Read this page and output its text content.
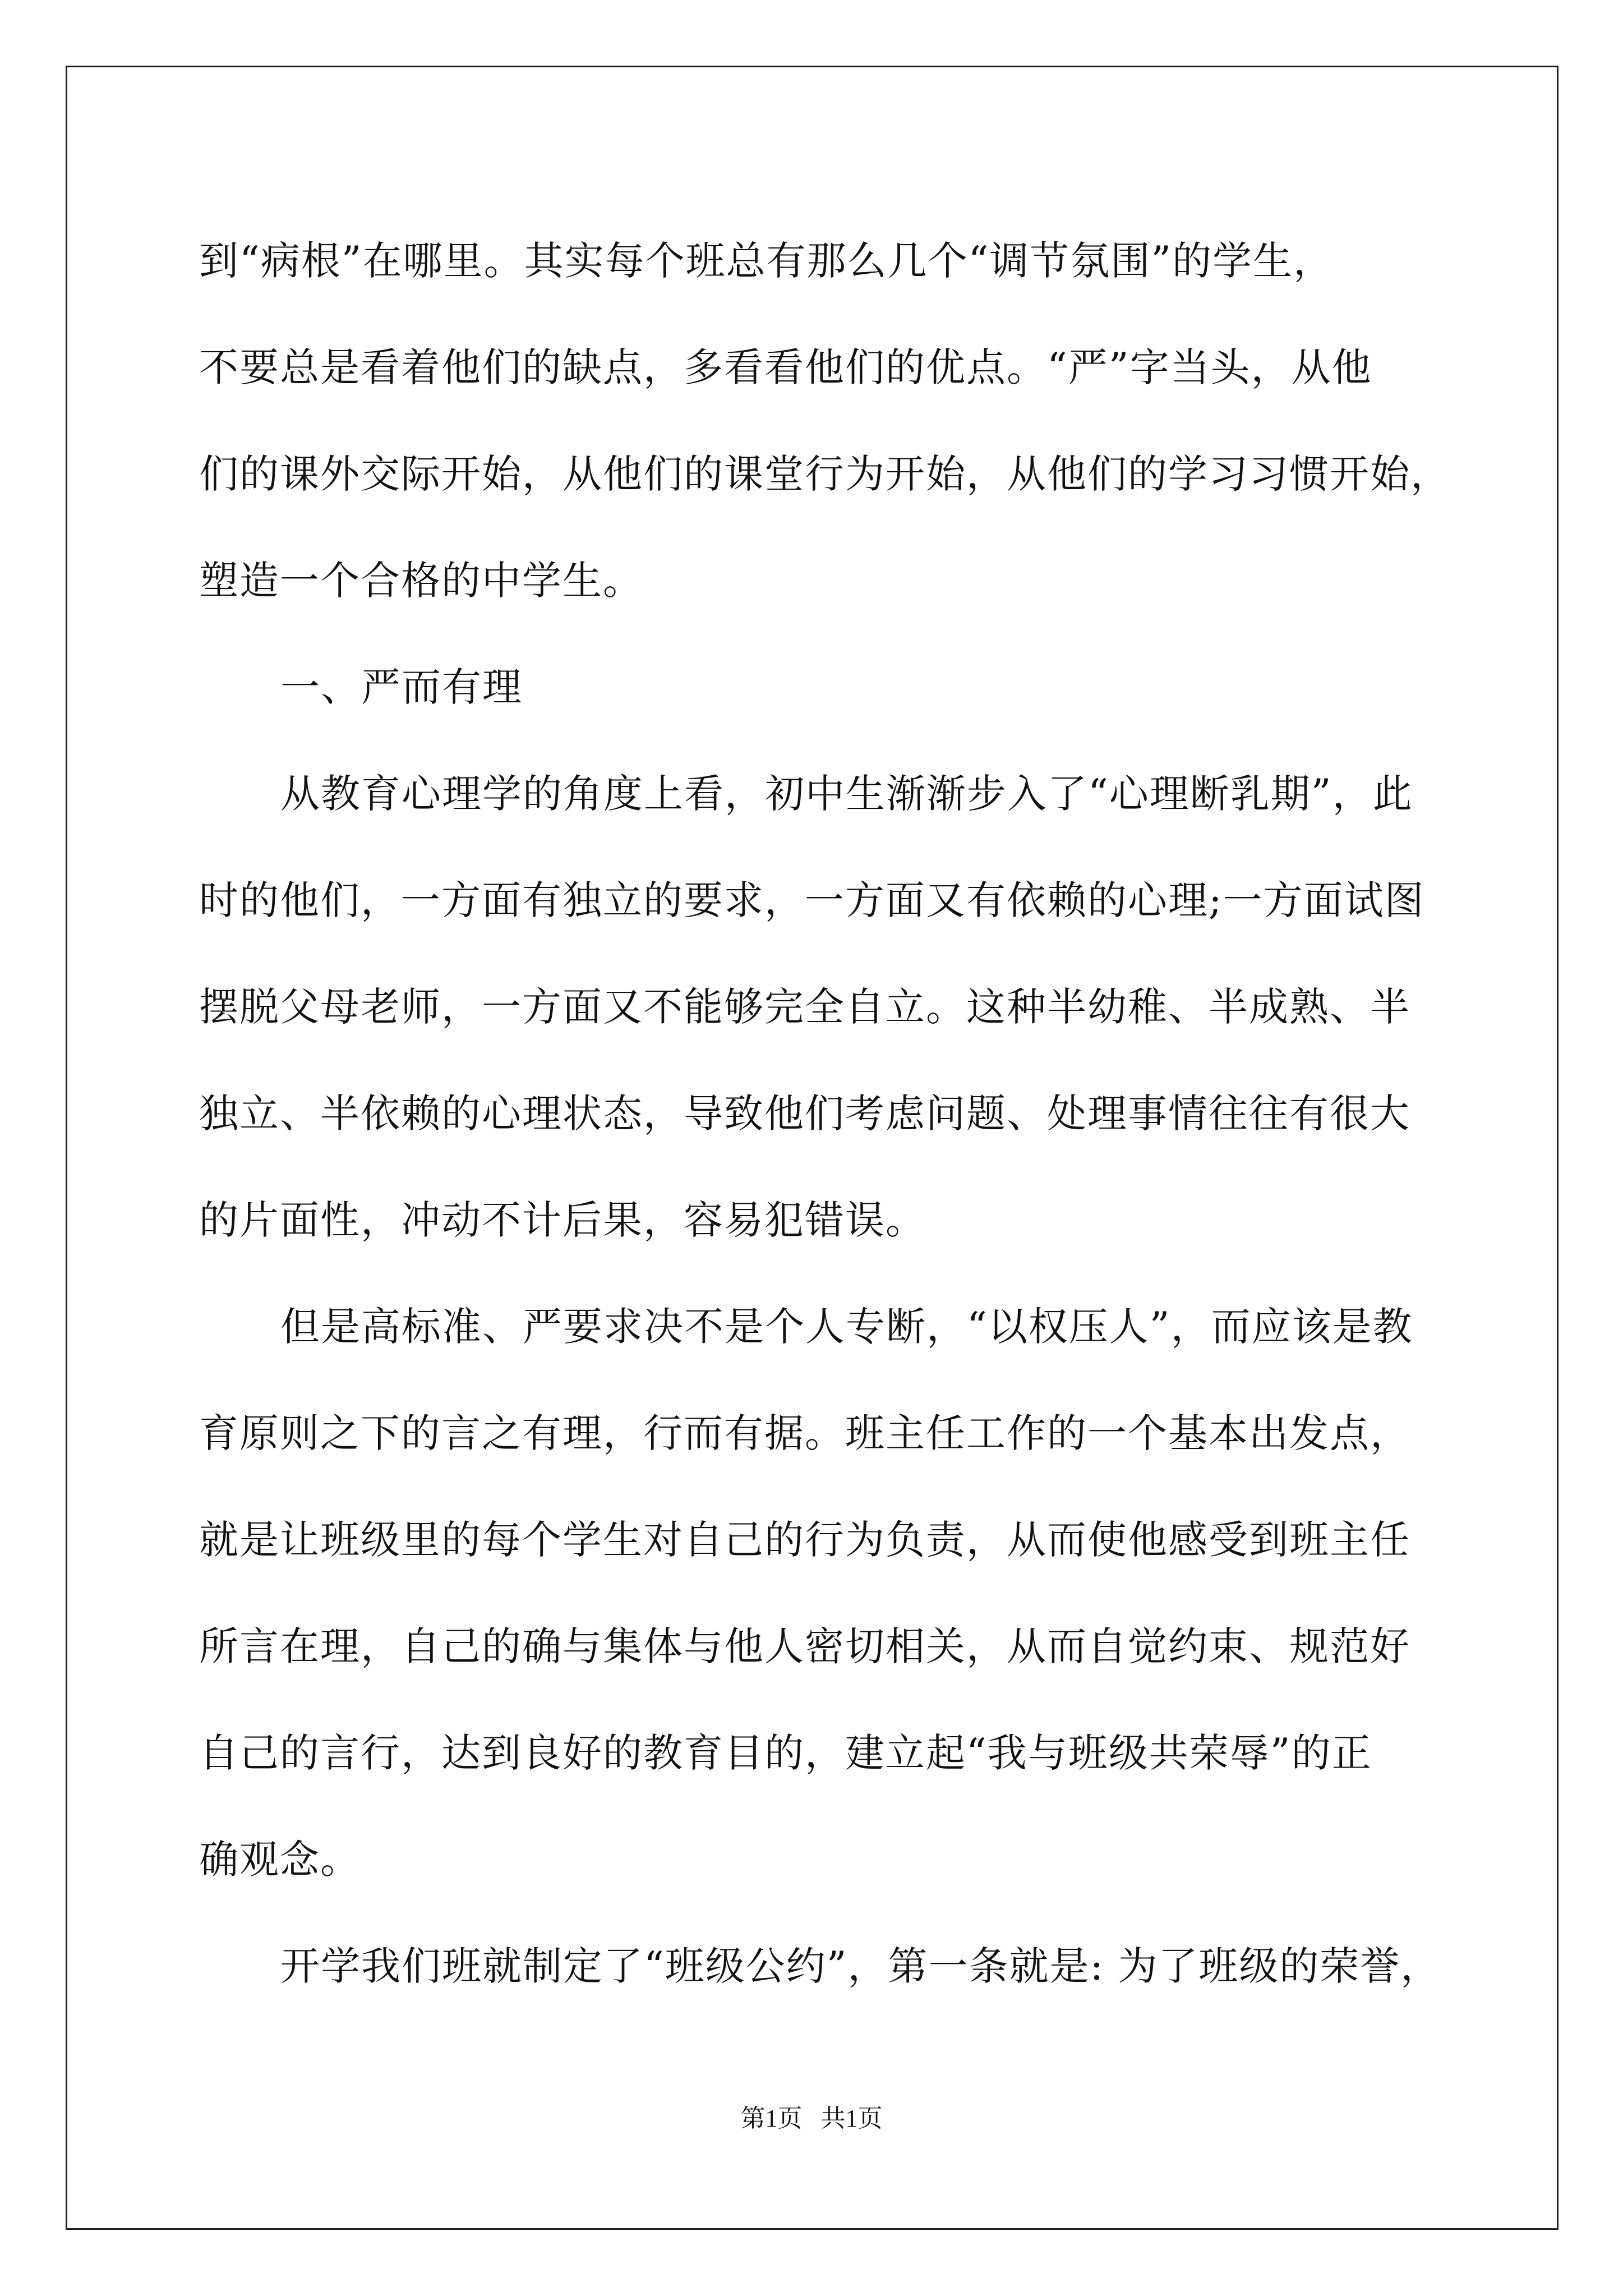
到“病根”在哪里。其实每个班总有那么几个“调节氛围”的学生，
不要总是看着他们的缺点，多看看他们的优点。“严”字当头，从他
们的课外交际开始，从他们的课堂行为开始，从他们的学习习惯开始，
塑造一个合格的中学生。
一、严而有理
从教育心理学的角度上看，初中生渐渐步入了“心理断乳期”，此
时的他们，一方面有独立的要求，一方面又有依赖的心理;一方面试图
摆脱父母老师，一方面又不能够完全自立。这种半幼稚、半成熟、半
独立、半依赖的心理状态，导致他们考虑问题、处理事情往往有很大
的片面性，冲动不计后果，容易犯错误。
但是高标准、严要求决不是个人专断，“以权压人”，而应该是教
育原则之下的言之有理，行而有据。班主任工作的一个基本出发点，
就是让班级里的每个学生对自己的行为负责，从而使他感受到班主任
所言在理，自己的确与集体与他人密切相关，从而自觉约束、规范好
自己的言行，达到良好的教育目的，建立起“我与班级共荣辱”的正
确观念。
开学我们班就制定了“班级公约”，第一条就是: 为了班级的荣誉，
第1页   共1页
